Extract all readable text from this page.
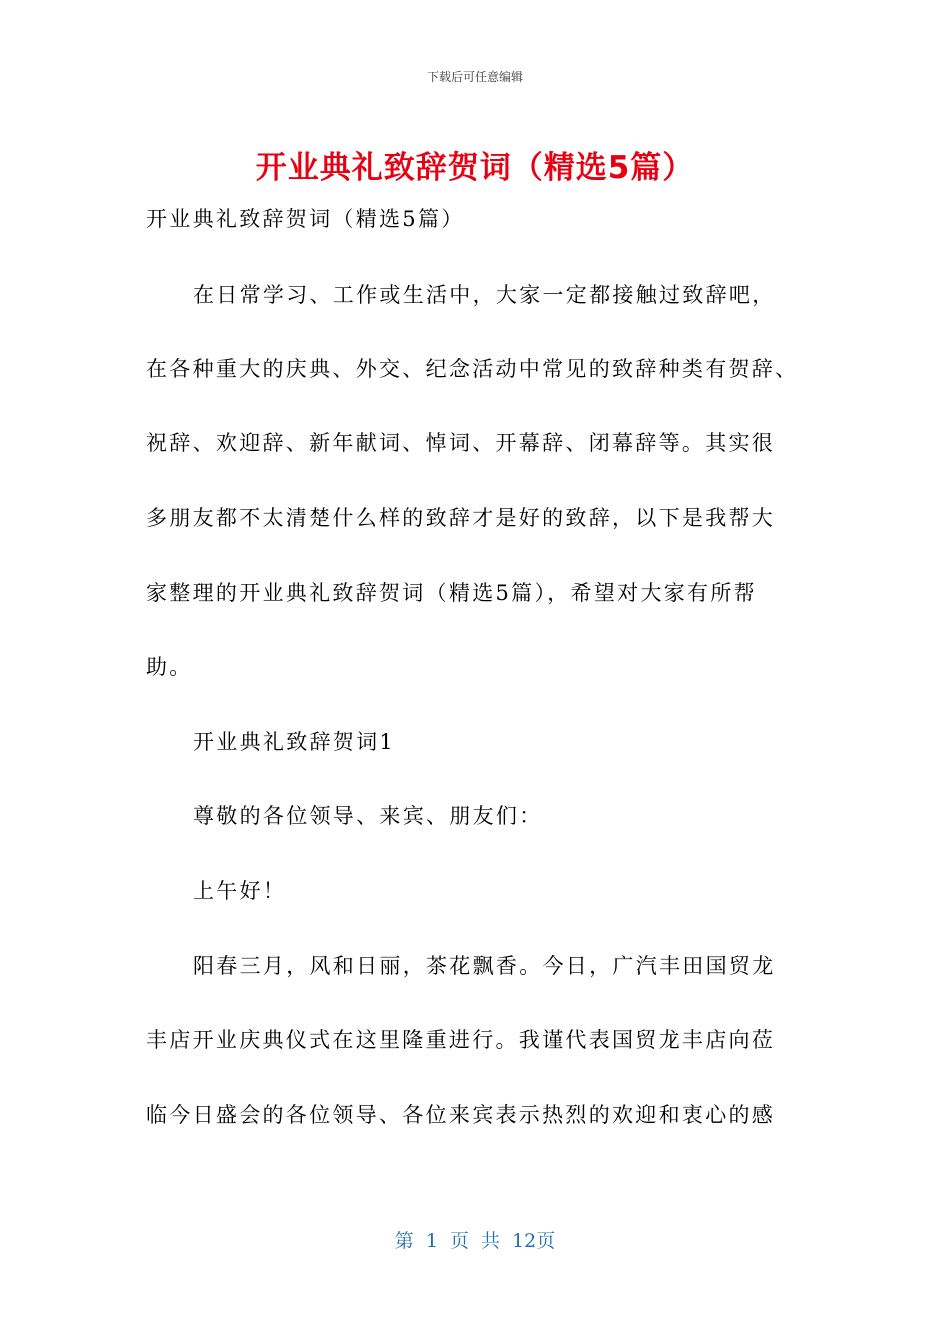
下载后可任意编辑
开业典礼致辞贺词（精选5篇）
开业典礼致辞贺词（精选5篇）
在日常学习、工作或生活中，大家一定都接触过致辞吧，
在各种重大的庆典、外交、纪念活动中常见的致辞种类有贺辞、
祝辞、欢迎辞、新年献词、悼词、开幕辞、闭幕辞等。其实很
多朋友都不太清楚什么样的致辞才是好的致辞，以下是我帮大
家整理的开业典礼致辞贺词（精选5篇），希望对大家有所帮
助。
开业典礼致辞贺词1
尊敬的各位领导、来宾、朋友们：
上午好！
阳春三月，风和日丽，茶花飘香。今日，广汽丰田国贸龙
丰店开业庆典仪式在这里隆重进行。我谨代表国贸龙丰店向莅
临今日盛会的各位领导、各位来宾表示热烈的欢迎和衷心的感
第 1 页 共 12页
